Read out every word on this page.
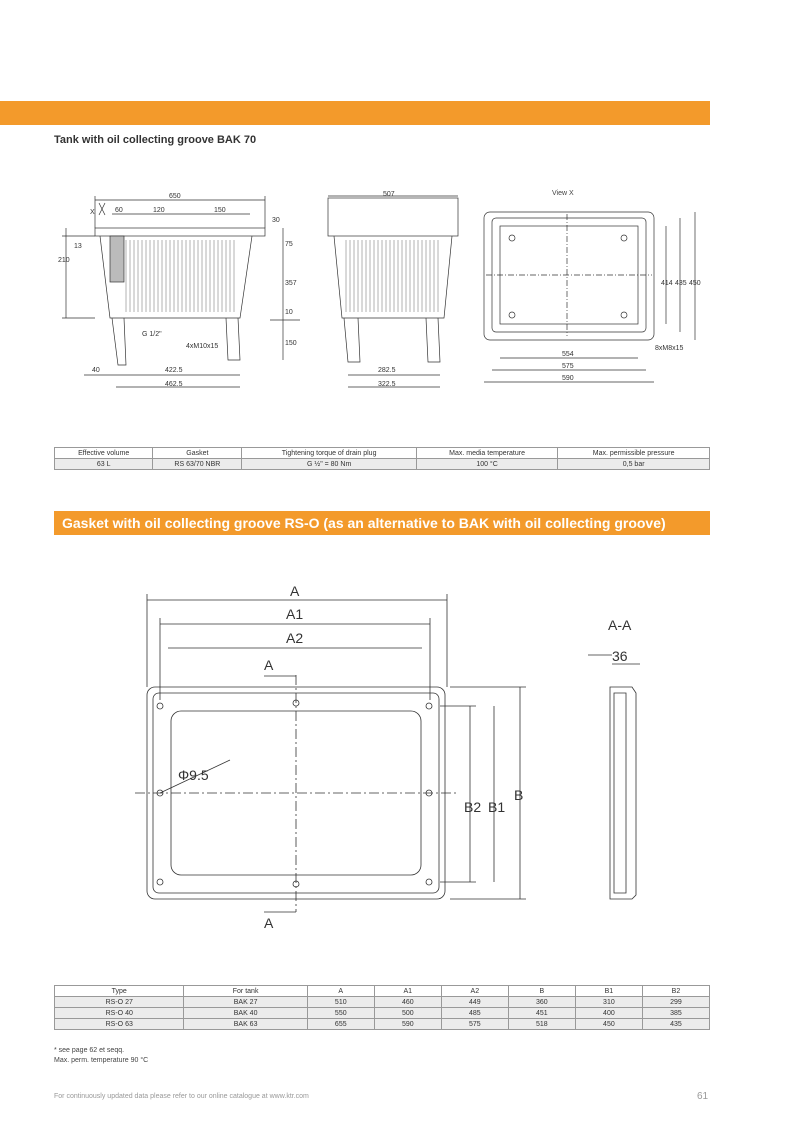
Tank with oil collecting groove BAK 70
650
60	120	150
X
30
13
210
75
357
10
150
G 1/2"
4xM10x15
40	422.5
462.5
507
282.5
322.5
View X
414 435 450
554
575
590
8xM8x15
Effective volume	Gasket	Tightening torque of drain plug	Max. media temperature	Max. permissible pressure
63 L	RS 63/70 NBR	G ½" = 80 Nm	100 °C	0,5 bar
Gasket with oil collecting groove RS-O (as an alternative to BAK with oil collecting groove)
A
A1
A2
A
A
Φ9.5
B2 B1
B
A-A
36
Type	For tank	A	A1	A2	B	B1	B2
RS-O 27	BAK 27	510	460	449	360	310	299
RS-O 40	BAK 40	550	500	485	451	400	385
RS-O 63	BAK 63	655	590	575	518	450	435
* see page 62 et seqq.
Max. perm. temperature 90 °C
For continuously updated data please refer to our online catalogue at www.ktr.com	61
